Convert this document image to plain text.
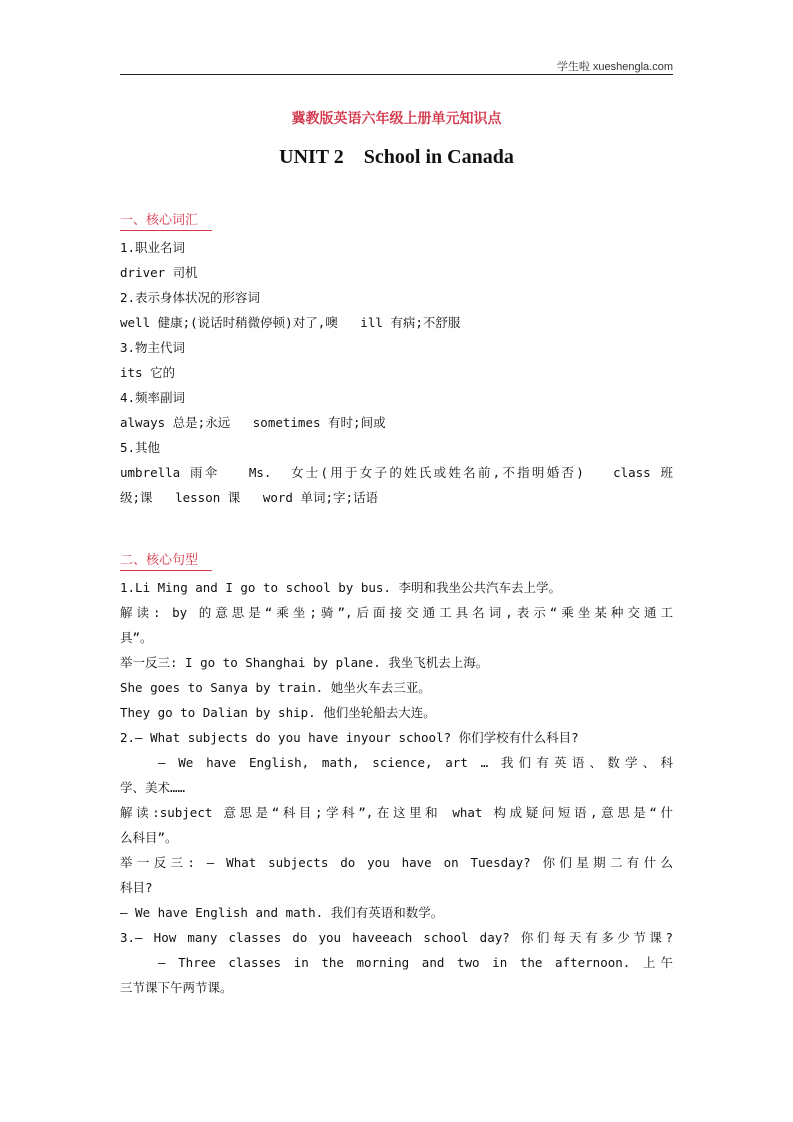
学生啦 xueshengla.com
冀教版英语六年级上册单元知识点
UNIT 2    School in Canada
一、核心词汇

1.职业名词

driver 司机

2.表示身体状况的形容词

well 健康;(说话时稍微停顿)对了,噢   ill 有病;不舒服

3.物主代词

its 它的

4.频率副词

always 总是;永远   sometimes 有时;间或

5.其他

umbrella 雨伞   Ms.  女士(用于女子的姓氏或姓名前,不指明婚否)   class 班

级;课   lesson 课   word 单词;字;话语

二、核心句型

1.Li Ming and I go to school by bus. 李明和我坐公共汽车去上学。

解读: by 的意思是“乘坐;骑”,后面接交通工具名词,表示“乘坐某种交通工

具”。

举一反三: I go to Shanghai by plane. 我坐飞机去上海。

She goes to Sanya by train. 她坐火车去三亚。

They go to Dalian by ship. 他们坐轮船去大连。

2.— What subjects do you have inyour school? 你们学校有什么科目?

— We have English, math, science, art … 我们有英语、数学、科

学、美术……

解读:subject 意思是“科目;学科”,在这里和 what 构成疑问短语,意思是“什

么科目”。

举一反三: — What subjects do you have on Tuesday? 你们星期二有什么

科目?

— We have English and math. 我们有英语和数学。

3.— How many classes do you haveeach school day? 你们每天有多少节课?

— Three classes in the morning and two in the afternoon. 上午

三节课下午两节课。
